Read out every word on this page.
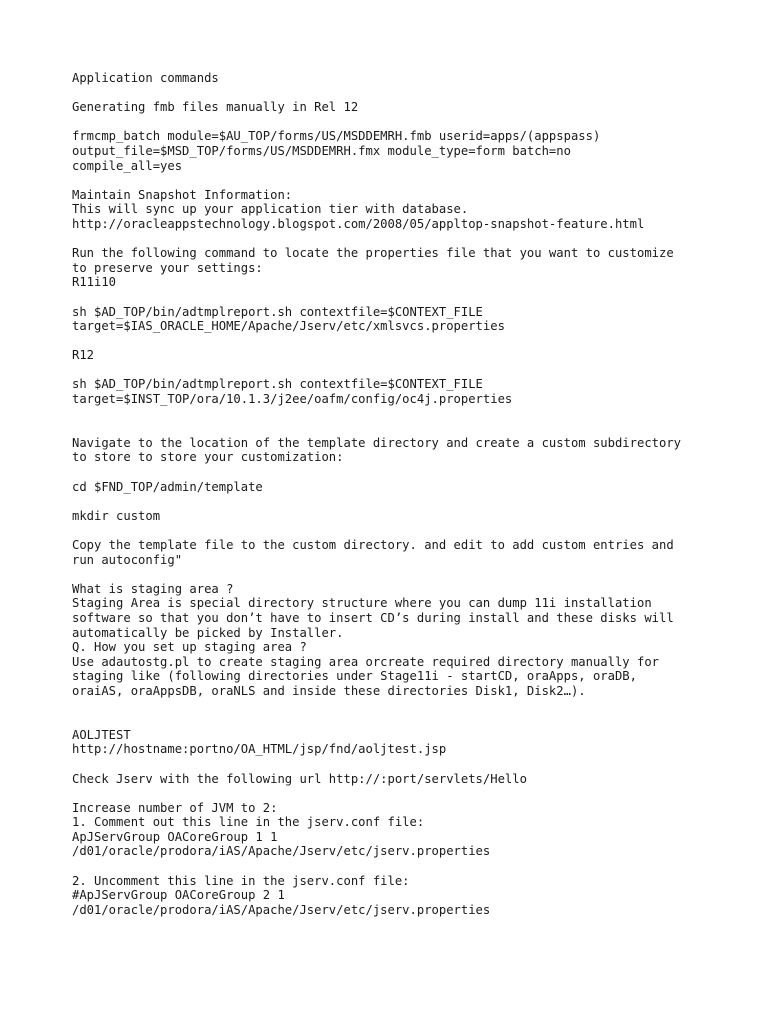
Application commands
Generating fmb files manually in Rel 12
frmcmp_batch module=$AU_TOP/forms/US/MSDDEMRH.fmb userid=apps/(appspass)
output_file=$MSD_TOP/forms/US/MSDDEMRH.fmx module_type=form batch=no
compile_all=yes
Maintain Snapshot Information:
This will sync up your application tier with database.
http://oracleappstechnology.blogspot.com/2008/05/appltop-snapshot-feature.html
Run the following command to locate the properties file that you want to customize
to preserve your settings:
R11i10
sh $AD_TOP/bin/adtmplreport.sh contextfile=$CONTEXT_FILE
target=$IAS_ORACLE_HOME/Apache/Jserv/etc/xmlsvcs.properties
R12
sh $AD_TOP/bin/adtmplreport.sh contextfile=$CONTEXT_FILE
target=$INST_TOP/ora/10.1.3/j2ee/oafm/config/oc4j.properties
Navigate to the location of the template directory and create a custom subdirectory
to store to store your customization:
cd $FND_TOP/admin/template
mkdir custom
Copy the template file to the custom directory. and edit to add custom entries and
run autoconfig"
What is staging area ?
Staging Area is special directory structure where you can dump 11i installation
software so that you don’t have to insert CD’s during install and these disks will
automatically be picked by Installer.
Q. How you set up staging area ?
Use adautostg.pl to create staging area orcreate required directory manually for
staging like (following directories under Stage11i - startCD, oraApps, oraDB,
oraiAS, oraAppsDB, oraNLS and inside these directories Disk1, Disk2…).
AOLJTEST
http://hostname:portno/OA_HTML/jsp/fnd/aoljtest.jsp
Check Jserv with the following url http://:port/servlets/Hello
Increase number of JVM to 2:
1. Comment out this line in the jserv.conf file:
ApJServGroup OACoreGroup 1 1
/d01/oracle/prodora/iAS/Apache/Jserv/etc/jserv.properties
2. Uncomment this line in the jserv.conf file:
#ApJServGroup OACoreGroup 2 1
/d01/oracle/prodora/iAS/Apache/Jserv/etc/jserv.properties
